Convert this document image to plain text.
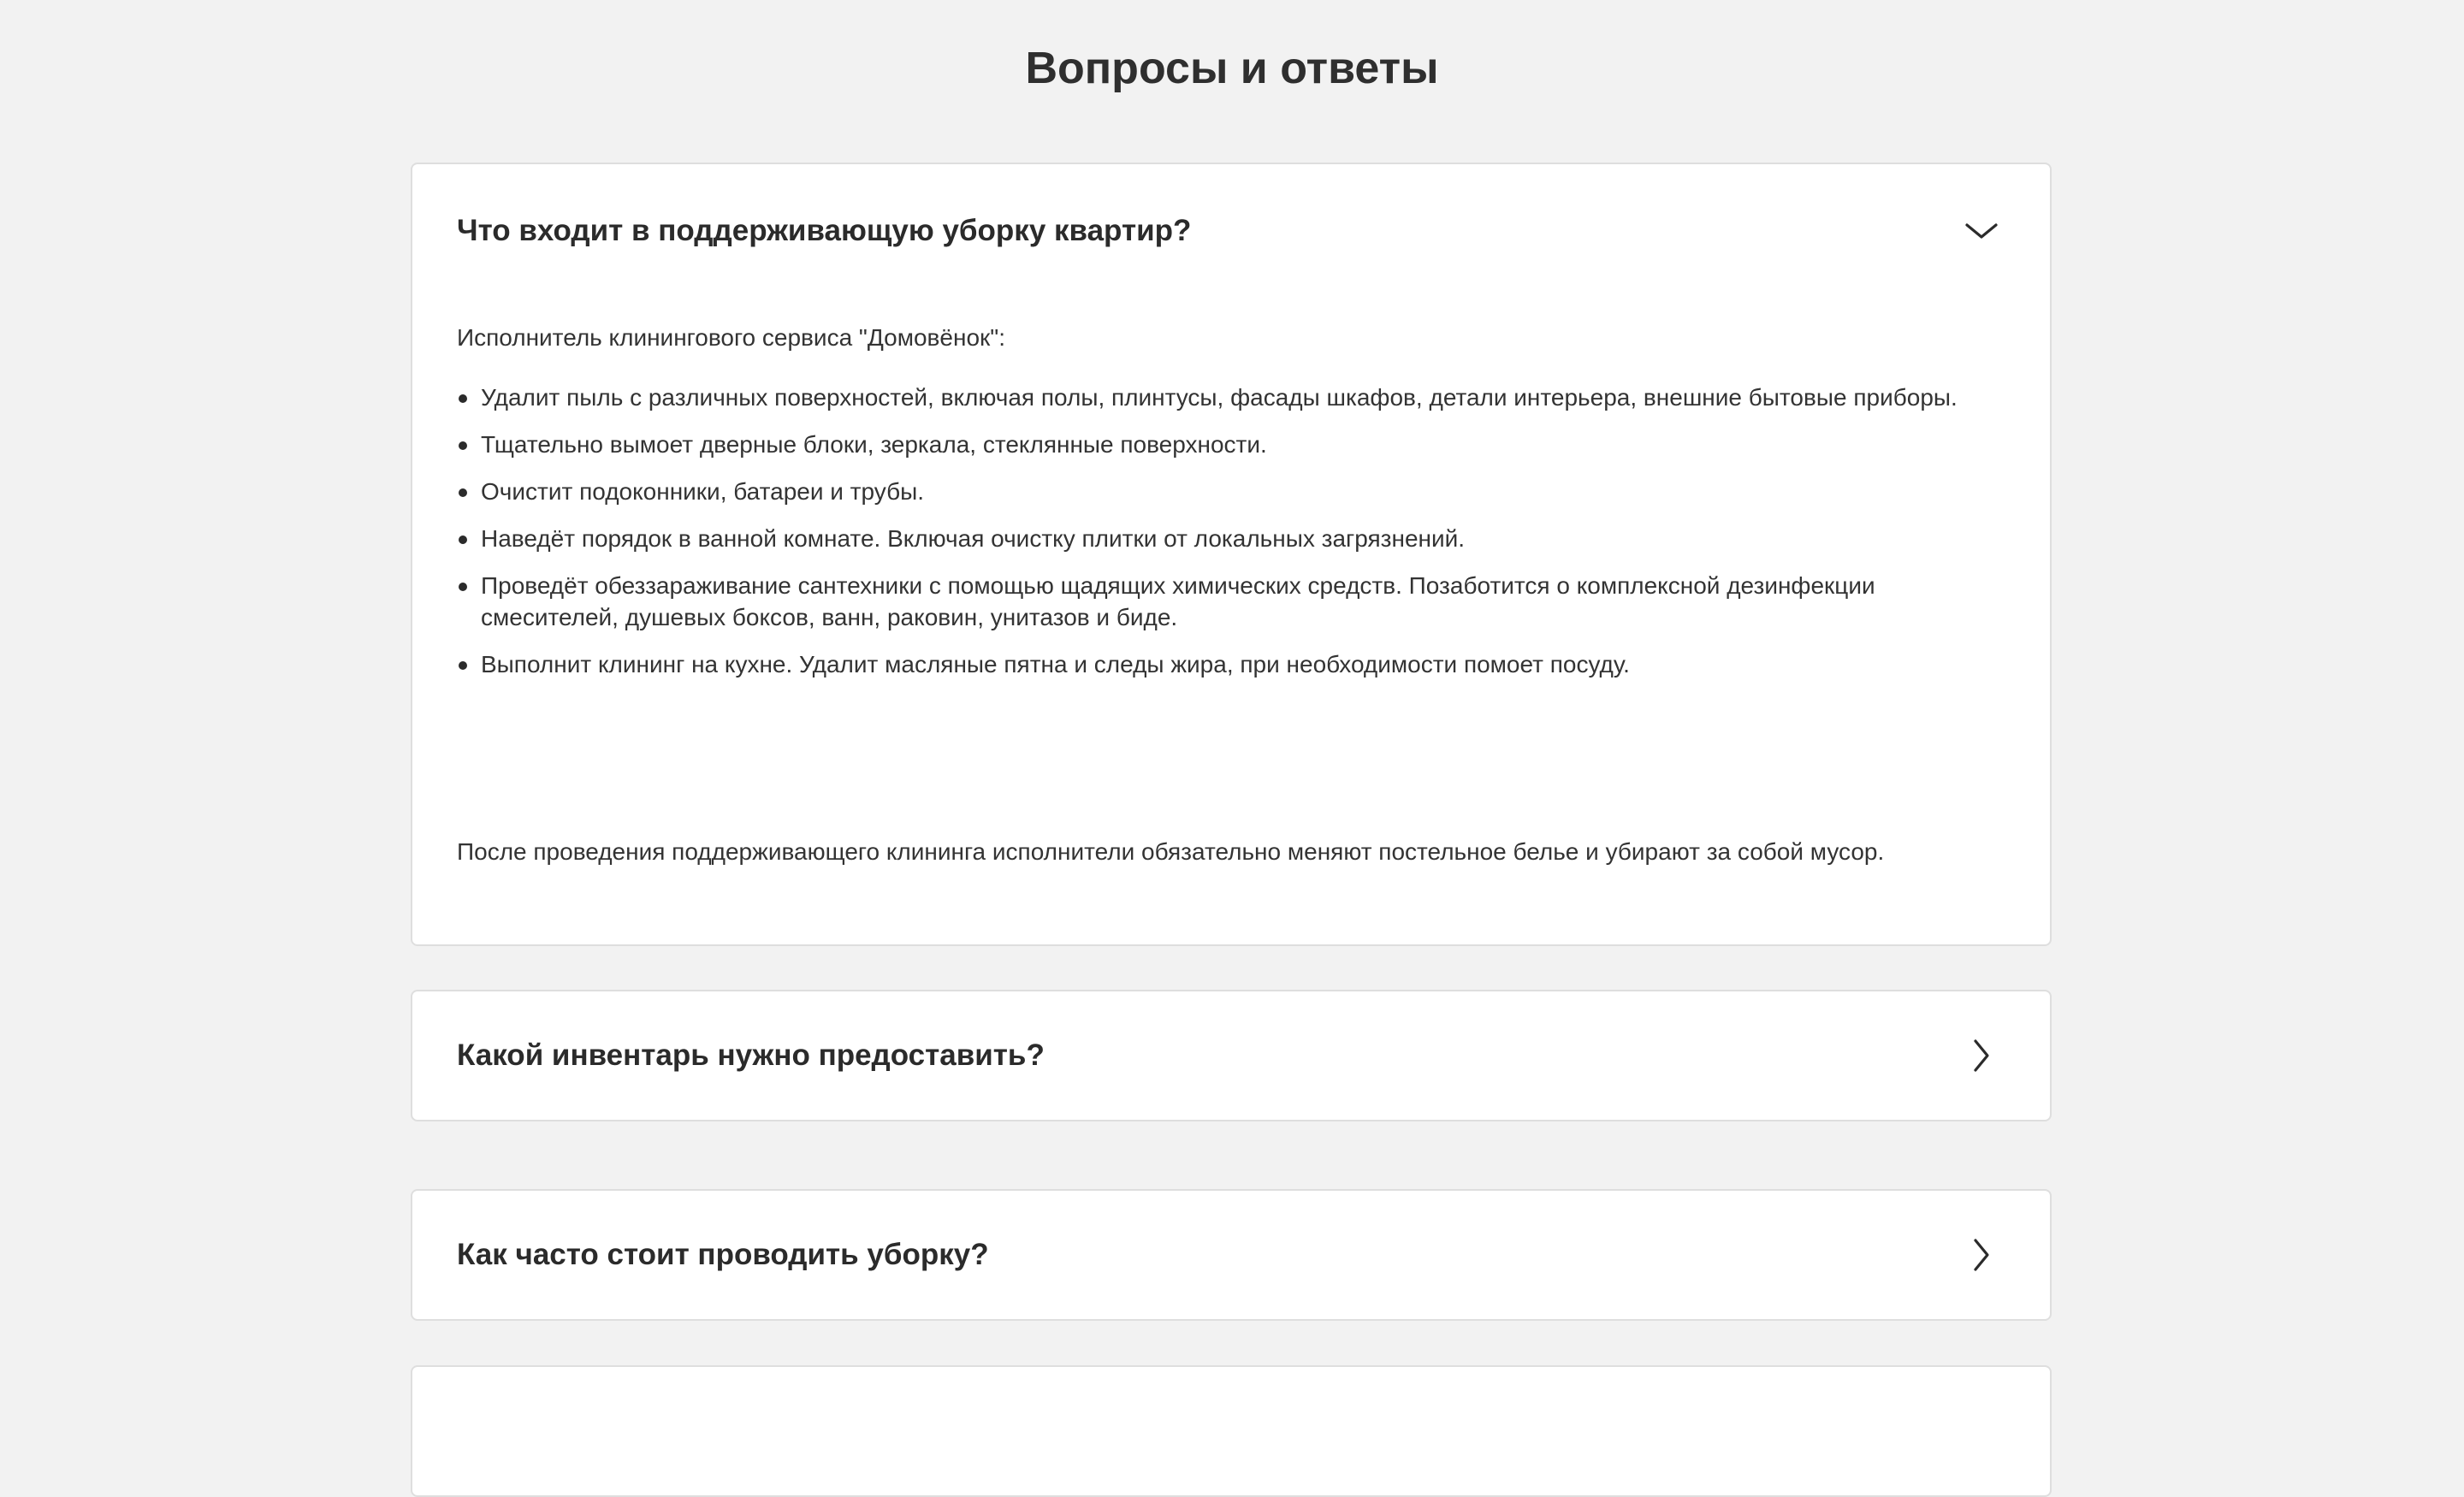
Вопросы и ответы
Что входит в поддерживающую уборку квартир?

Исполнитель клинингового сервиса "Домовёнок":

Удалит пыль с различных поверхностей, включая полы, плинтусы, фасады шкафов, детали интерьера, внешние бытовые приборы.
Тщательно вымоет дверные блоки, зеркала, стеклянные поверхности.
Очистит подоконники, батареи и трубы.
Наведёт порядок в ванной комнате. Включая очистку плитки от локальных загрязнений.
Проведёт обеззараживание сантехники с помощью щадящих химических средств. Позаботится о комплексной дезинфекции смесителей, душевых боксов, ванн, раковин, унитазов и биде.
Выполнит клининг на кухне. Удалит масляные пятна и следы жира, при необходимости помоет посуду.

После проведения поддерживающего клининга исполнители обязательно меняют постельное белье и убирают за собой мусор.

Какой инвентарь нужно предоставить?
Как часто стоит проводить уборку?
